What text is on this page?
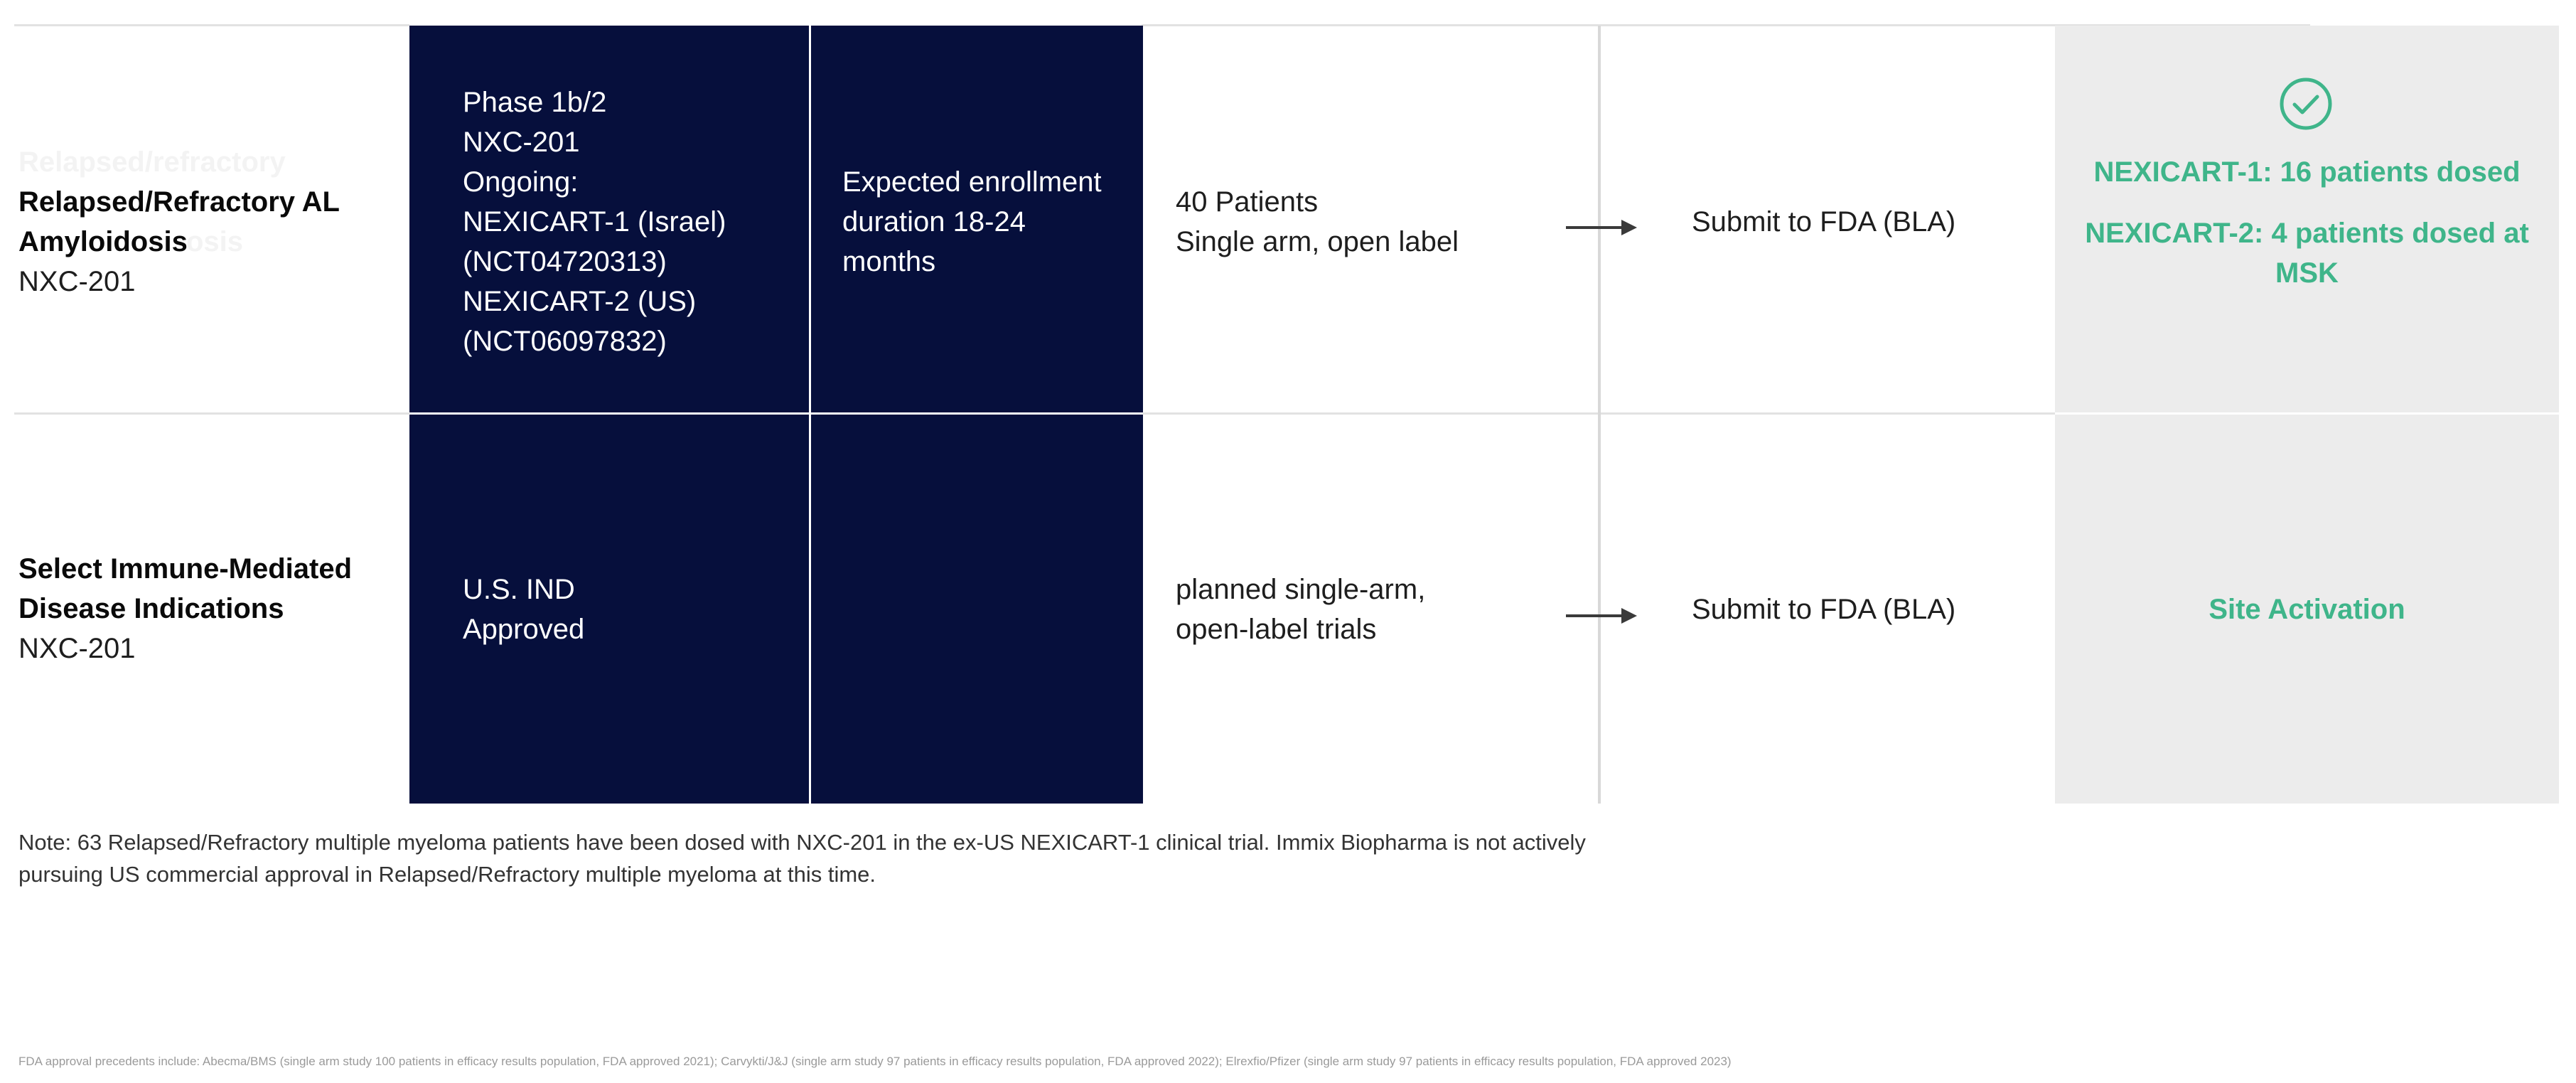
Relapsed/refractory
osis
Relapsed/Refractory AL
Amyloidosis
NXC-201
Phase 1b/2
NXC-201
Ongoing:
NEXICART-1 (Israel)
(NCT04720313)
NEXICART-2 (US)
(NCT06097832)
Expected enrollment
duration 18-24
months
40 Patients
Single arm, open label
Submit to FDA (BLA)
NEXICART-1: 16 patients dosed
NEXICART-2: 4 patients dosed at MSK
Select Immune-Mediated
Disease Indications
NXC-201
U.S. IND
Approved
planned single-arm,
open-label trials
Submit to FDA (BLA)	Site Activation
Note: 63 Relapsed/Refractory multiple myeloma patients have been dosed with NXC-201 in the ex-US NEXICART-1 clinical trial. Immix Biopharma is not actively pursuing US commercial approval in Relapsed/Refractory multiple myeloma at this time.
FDA approval precedents include: Abecma/BMS (single arm study 100 patients in efficacy results population, FDA approved 2021); Carvykti/J&J (single arm study 97 patients in efficacy results population, FDA approved 2022); Elrexfio/Pfizer (single arm study 97 patients in efficacy results population, FDA approved 2023)
